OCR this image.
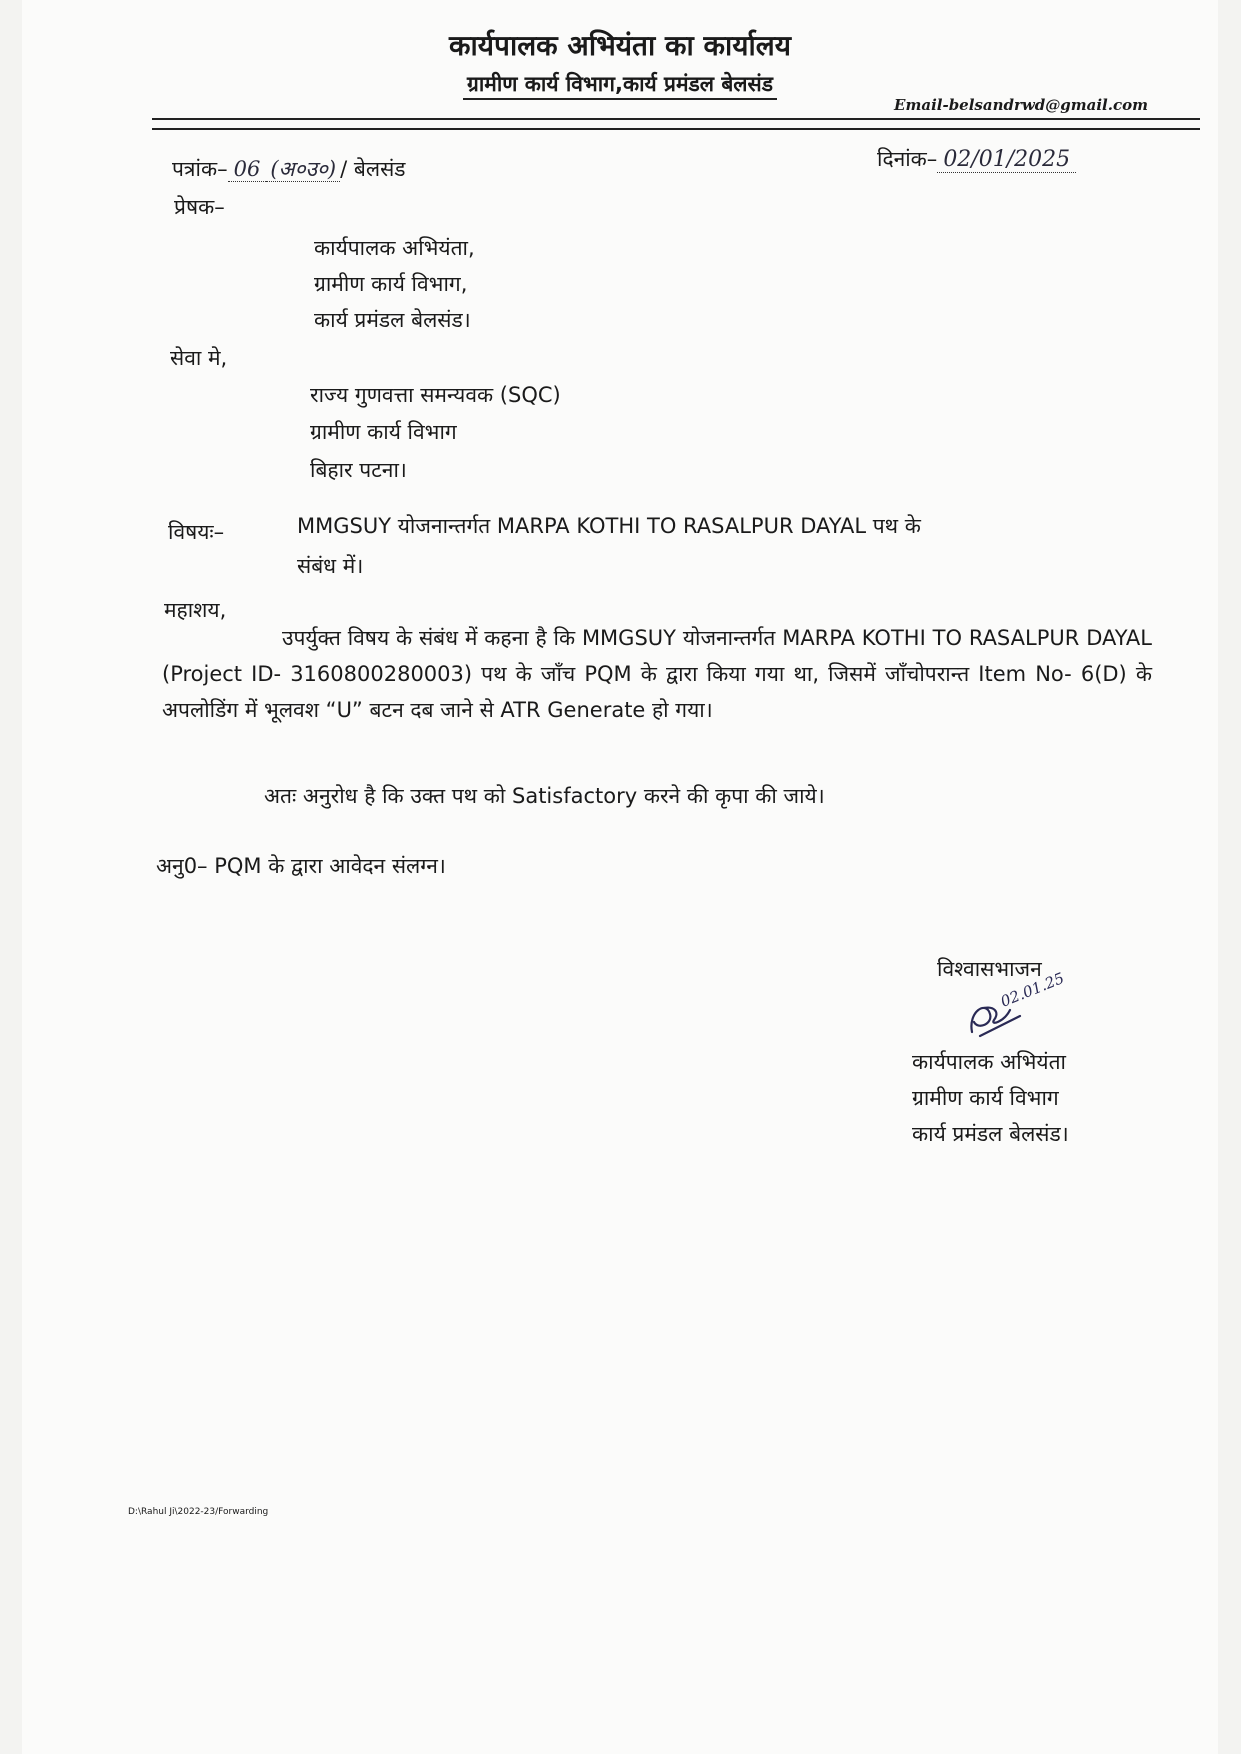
कार्यपालक अभियंता का कार्यालय
ग्रामीण कार्य विभाग,कार्य प्रमंडल बेलसंड
Email-belsandrwd@gmail.com
पत्रांक– 06 (अ०उ०) / बेलसंड	दिनांक– 02/01/2025
प्रेषक–
कार्यपालक अभियंता,
ग्रामीण कार्य विभाग,
कार्य प्रमंडल बेलसंड।
सेवा मे,
राज्य गुणवत्ता समन्यवक (SQC)
ग्रामीण कार्य विभाग
बिहार पटना।
विषयः–	MMGSUY योजनान्तर्गत MARPA KOTHI TO RASALPUR DAYAL पथ के
संबंध में।
महाशय,
उपर्युक्त विषय के संबंध में कहना है कि MMGSUY योजनान्तर्गत MARPA KOTHI TO RASALPUR DAYAL (Project ID- 3160800280003) पथ के जाँच PQM के द्वारा किया गया था, जिसमें जाँचोपरान्त Item No- 6(D) के अपलोडिंग में भूलवश “U” बटन दब जाने से ATR Generate हो गया।
अतः अनुरोध है कि उक्त पथ को Satisfactory करने की कृपा की जाये।
अनु0– PQM के द्वारा आवेदन संलग्न।
विश्वासभाजन
02.01.25
कार्यपालक अभियंता
ग्रामीण कार्य विभाग
कार्य प्रमंडल बेलसंड।
D:\Rahul Ji\2022-23/Forwarding
